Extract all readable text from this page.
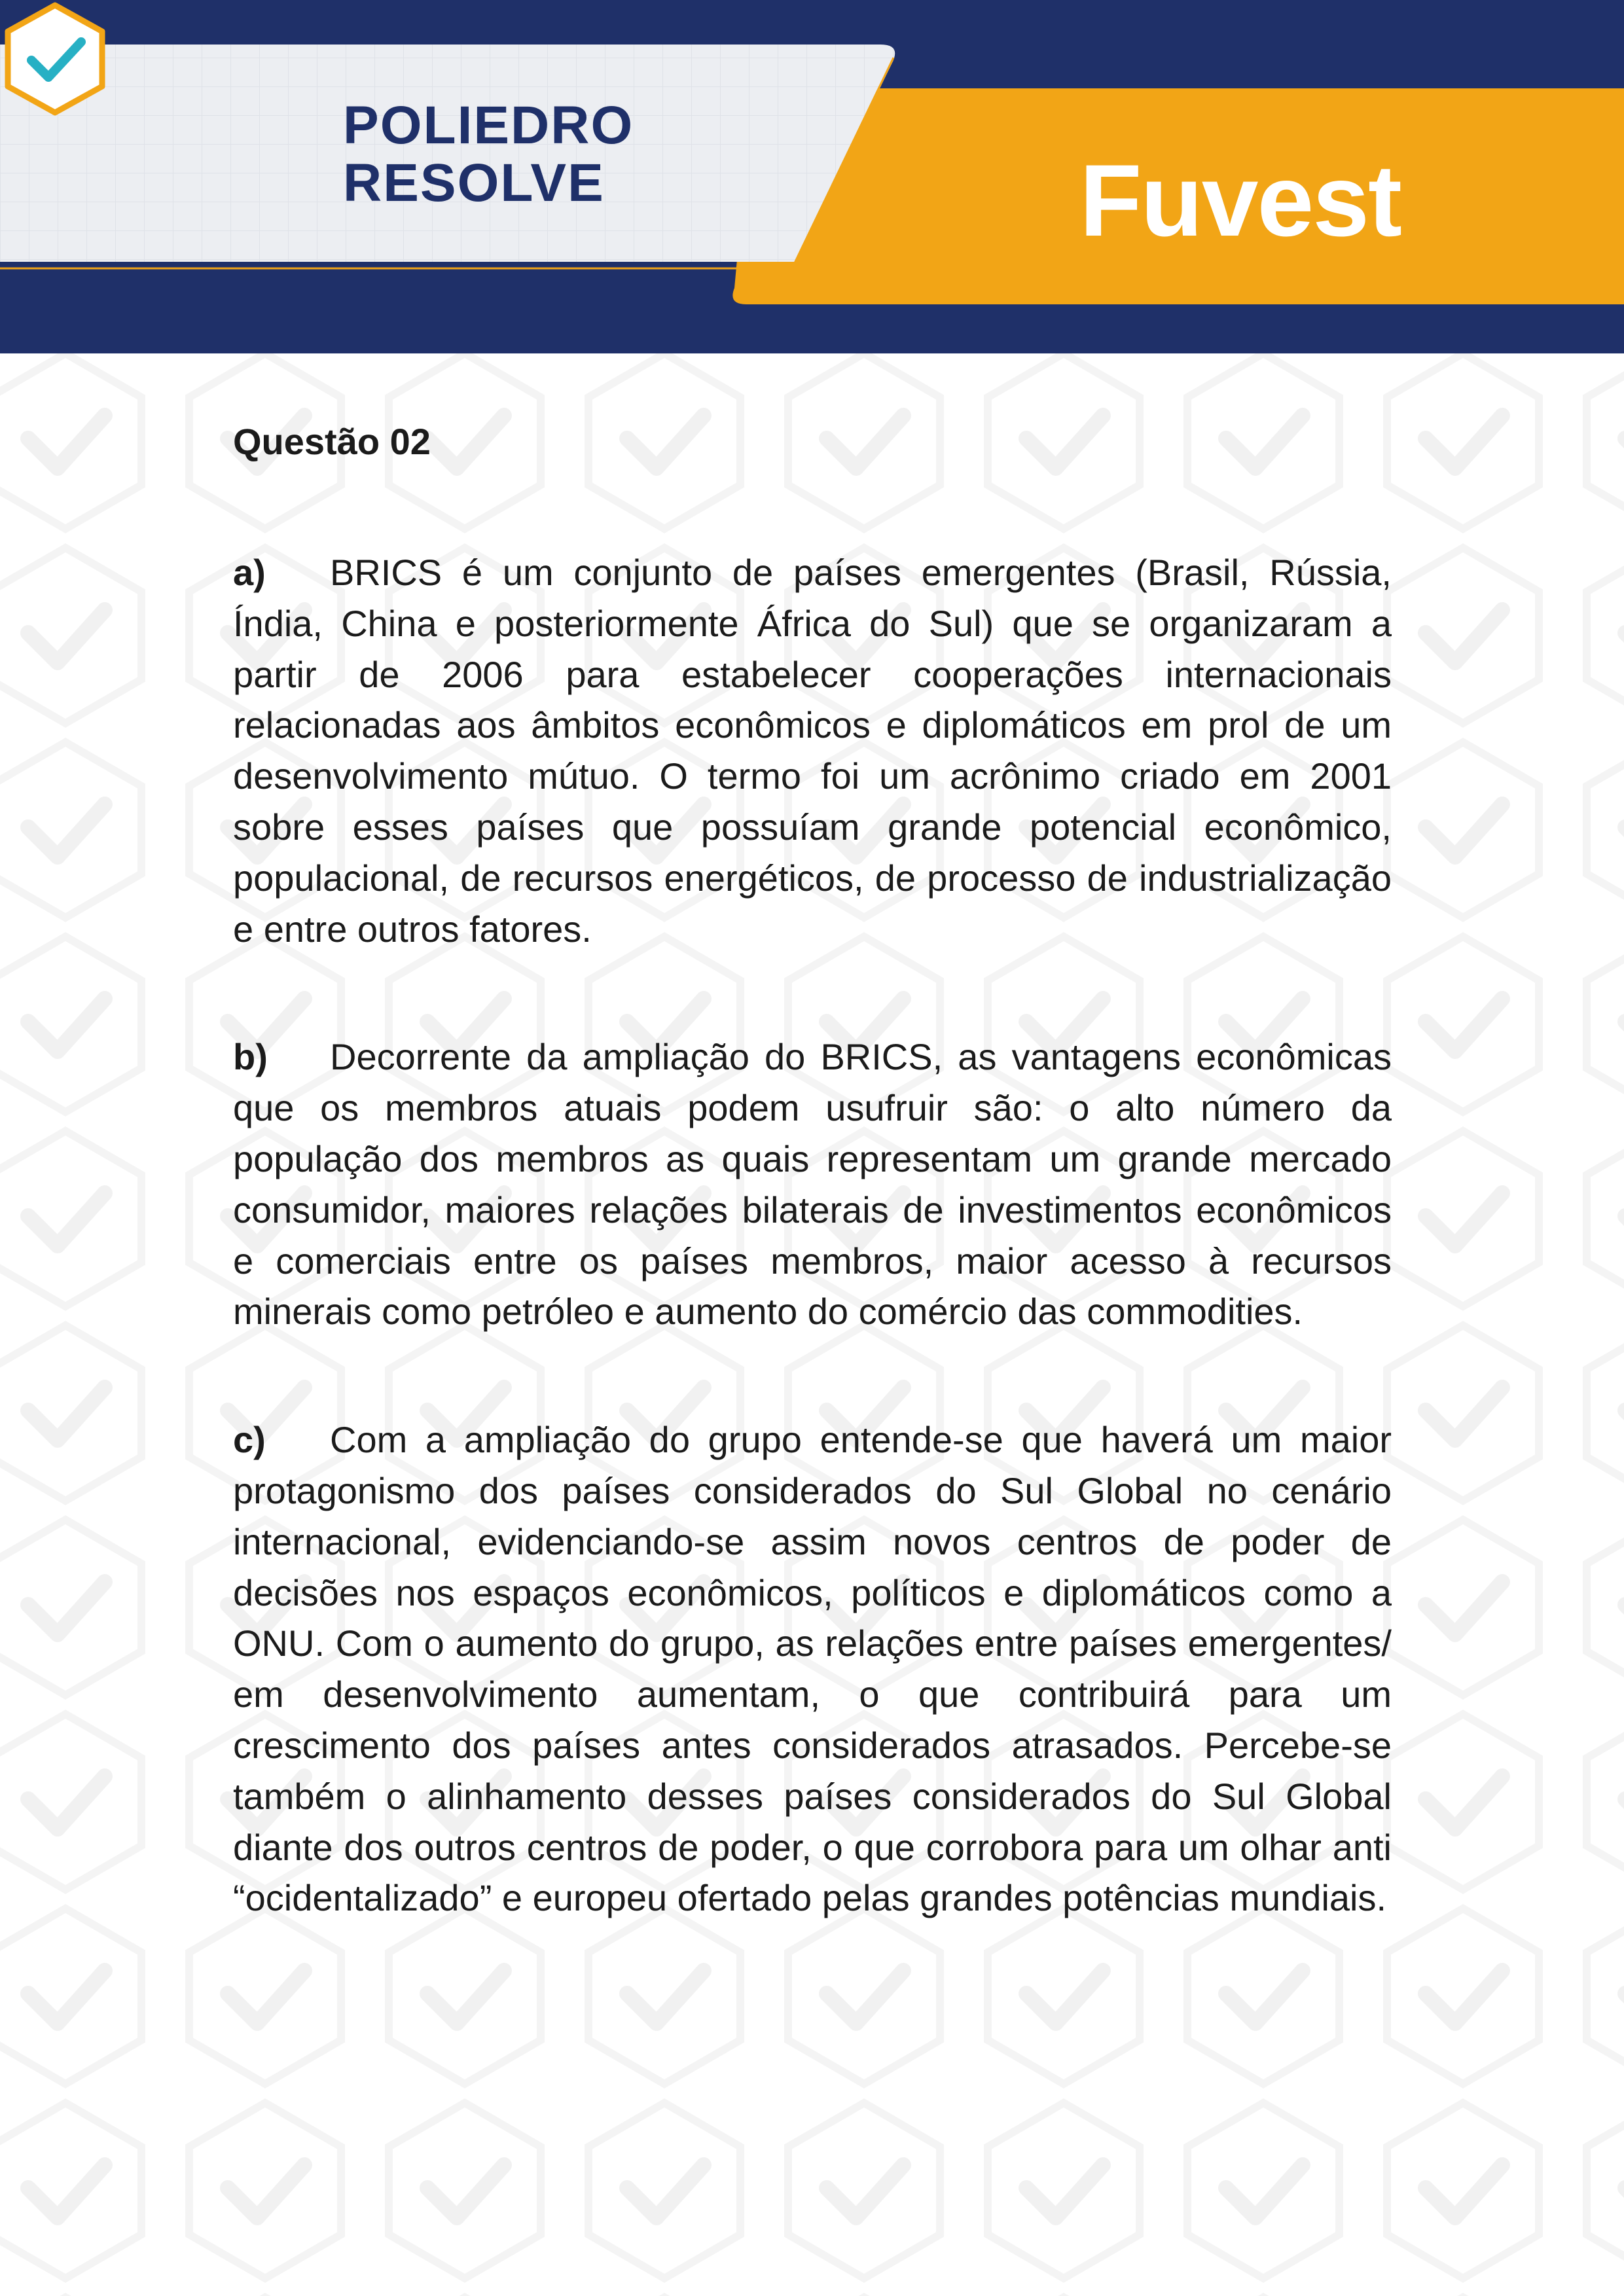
POLIEDRO
RESOLVE	Fuvest
Questão 02

a) BRICS é um conjunto de países emergentes (Brasil, Rússia, Índia, China e posteriormente África do Sul) que se organizaram a partir de 2006 para estabelecer cooperações internacionais relacionadas aos âmbitos econômicos e diplomáticos em prol de um desenvolvimento mútuo. O termo foi um acrônimo criado em 2001 sobre esses países que possuíam grande potencial econômico, populacional, de recursos energéticos, de processo de industrialização e entre outros fatores.

b) Decorrente da ampliação do BRICS, as vantagens econômicas que os membros atuais podem usufruir são: o alto número da população dos membros as quais representam um grande mercado consumidor, maiores relações bilaterais de investimentos econômicos e comerciais entre os países membros, maior acesso à recursos minerais como petróleo e aumento do comércio das commodities.

c) Com a ampliação do grupo entende-se que haverá um maior protagonismo dos países considerados do Sul Global no cenário internacional, evidenciando-se assim novos centros de poder de decisões nos espaços econômicos, políticos e diplomáticos como a ONU. Com o aumento do grupo, as relações entre países emergentes/ em desenvolvimento aumentam, o que contribuirá para um crescimento dos países antes considerados atrasados. Percebe-se também o alinhamento desses países considerados do Sul Global diante dos outros centros de poder, o que corrobora para um olhar anti “ocidentalizado” e europeu ofertado pelas grandes potências mundiais.
